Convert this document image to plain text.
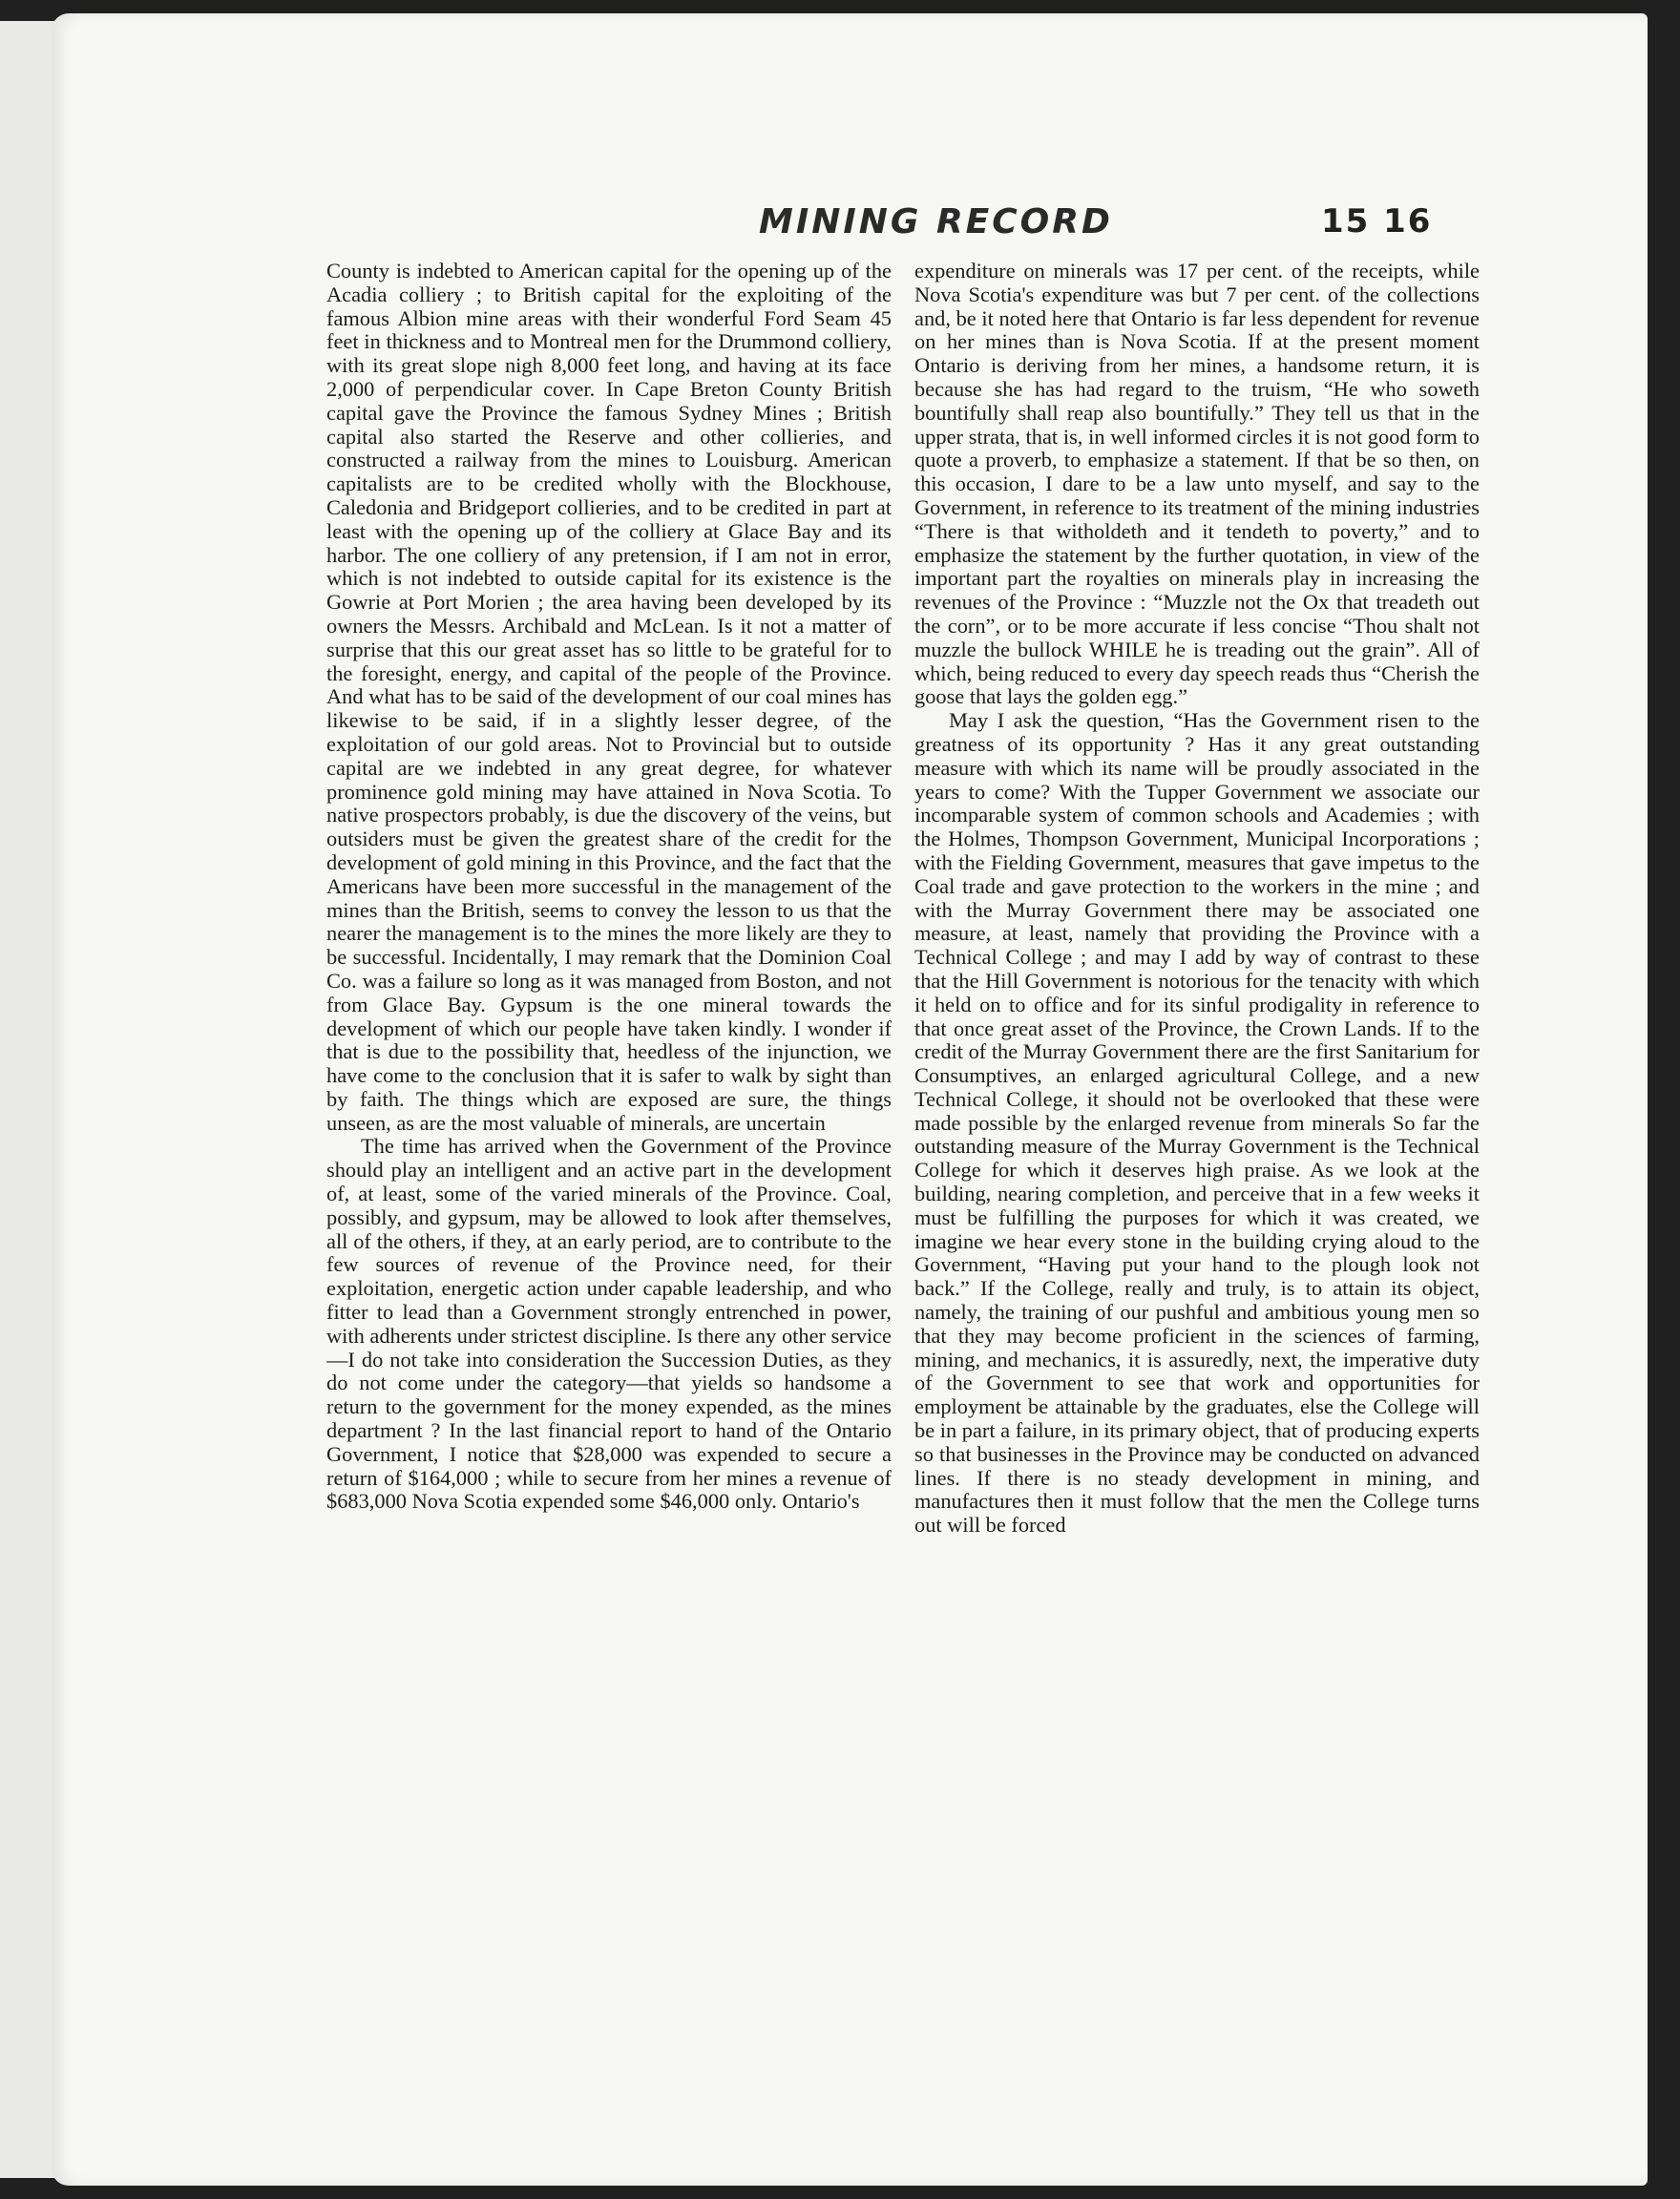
MINING RECORD	15 16

County is indebted to American capital for the opening up of the Acadia colliery ; to British capital for the exploiting of the famous Albion mine areas with their wonderful Ford Seam 45 feet in thickness and to Montreal men for the Drummond colliery, with its great slope nigh 8,000 feet long, and having at its face 2,000 of perpendicular cover. In Cape Breton County British capital gave the Province the famous Sydney Mines ; British capital also started the Reserve and other collieries, and constructed a railway from the mines to Louisburg. American capitalists are to be credited wholly with the Blockhouse, Caledonia and Bridgeport collieries, and to be credited in part at least with the opening up of the colliery at Glace Bay and its harbor. The one colliery of any pretension, if I am not in error, which is not indebted to outside capital for its existence is the Gowrie at Port Morien ; the area having been developed by its owners the Messrs. Archibald and McLean. Is it not a matter of surprise that this our great asset has so little to be grateful for to the foresight, energy, and capital of the people of the Province. And what has to be said of the development of our coal mines has likewise to be said, if in a slightly lesser degree, of the exploitation of our gold areas. Not to Provincial but to outside capital are we indebted in any great degree, for whatever prominence gold mining may have attained in Nova Scotia. To native prospectors probably, is due the discovery of the veins, but outsiders must be given the greatest share of the credit for the development of gold mining in this Province, and the fact that the Americans have been more successful in the management of the mines than the British, seems to convey the lesson to us that the nearer the management is to the mines the more likely are they to be successful. Incidentally, I may remark that the Dominion Coal Co. was a failure so long as it was managed from Boston, and not from Glace Bay. Gypsum is the one mineral towards the development of which our people have taken kindly. I wonder if that is due to the possibility that, heedless of the injunction, we have come to the conclusion that it is safer to walk by sight than by faith. The things which are exposed are sure, the things unseen, as are the most valuable of minerals, are uncertain

The time has arrived when the Government of the Province should play an intelligent and an active part in the development of, at least, some of the varied minerals of the Province. Coal, possibly, and gypsum, may be allowed to look after themselves, all of the others, if they, at an early period, are to contribute to the few sources of revenue of the Province need, for their exploitation, energetic action under capable leadership, and who fitter to lead than a Government strongly entrenched in power, with adherents under strictest discipline. Is there any other service—I do not take into consideration the Succession Duties, as they do not come under the category—that yields so handsome a return to the government for the money expended, as the mines department ? In the last financial report to hand of the Ontario Government, I notice that $28,000 was expended to secure a return of $164,000 ; while to secure from her mines a revenue of $683,000 Nova Scotia expended some $46,000 only. Ontario's

expenditure on minerals was 17 per cent. of the receipts, while Nova Scotia's expenditure was but 7 per cent. of the collections and, be it noted here that Ontario is far less dependent for revenue on her mines than is Nova Scotia. If at the present moment Ontario is deriving from her mines, a handsome return, it is because she has had regard to the truism, “He who soweth bountifully shall reap also bountifully.” They tell us that in the upper strata, that is, in well informed circles it is not good form to quote a proverb, to emphasize a statement. If that be so then, on this occasion, I dare to be a law unto myself, and say to the Government, in reference to its treatment of the mining industries “There is that witholdeth and it tendeth to poverty,” and to emphasize the statement by the further quotation, in view of the important part the royalties on minerals play in increasing the revenues of the Province : “Muzzle not the Ox that treadeth out the corn”, or to be more accurate if less concise “Thou shalt not muzzle the bullock WHILE he is treading out the grain”. All of which, being reduced to every day speech reads thus “Cherish the goose that lays the golden egg.”

May I ask the question, “Has the Government risen to the greatness of its opportunity ? Has it any great outstanding measure with which its name will be proudly associated in the years to come? With the Tupper Government we associate our incomparable system of common schools and Academies ; with the Holmes, Thompson Government, Municipal Incorporations ; with the Fielding Government, measures that gave impetus to the Coal trade and gave protection to the workers in the mine ; and with the Murray Government there may be associated one measure, at least, namely that providing the Province with a Technical College ; and may I add by way of contrast to these that the Hill Government is notorious for the tenacity with which it held on to office and for its sinful prodigality in reference to that once great asset of the Province, the Crown Lands. If to the credit of the Murray Government there are the first Sanitarium for Consumptives, an enlarged agricultural College, and a new Technical College, it should not be overlooked that these were made possible by the enlarged revenue from minerals So far the outstanding measure of the Murray Government is the Technical College for which it deserves high praise. As we look at the building, nearing completion, and perceive that in a few weeks it must be fulfilling the purposes for which it was created, we imagine we hear every stone in the building crying aloud to the Government, “Having put your hand to the plough look not back.” If the College, really and truly, is to attain its object, namely, the training of our pushful and ambitious young men so that they may become proficient in the sciences of farming, mining, and mechanics, it is assuredly, next, the imperative duty of the Government to see that work and opportunities for employment be attainable by the graduates, else the College will be in part a failure, in its primary object, that of producing experts so that businesses in the Province may be conducted on advanced lines. If there is no steady development in mining, and manufactures then it must follow that the men the College turns out will be forced
